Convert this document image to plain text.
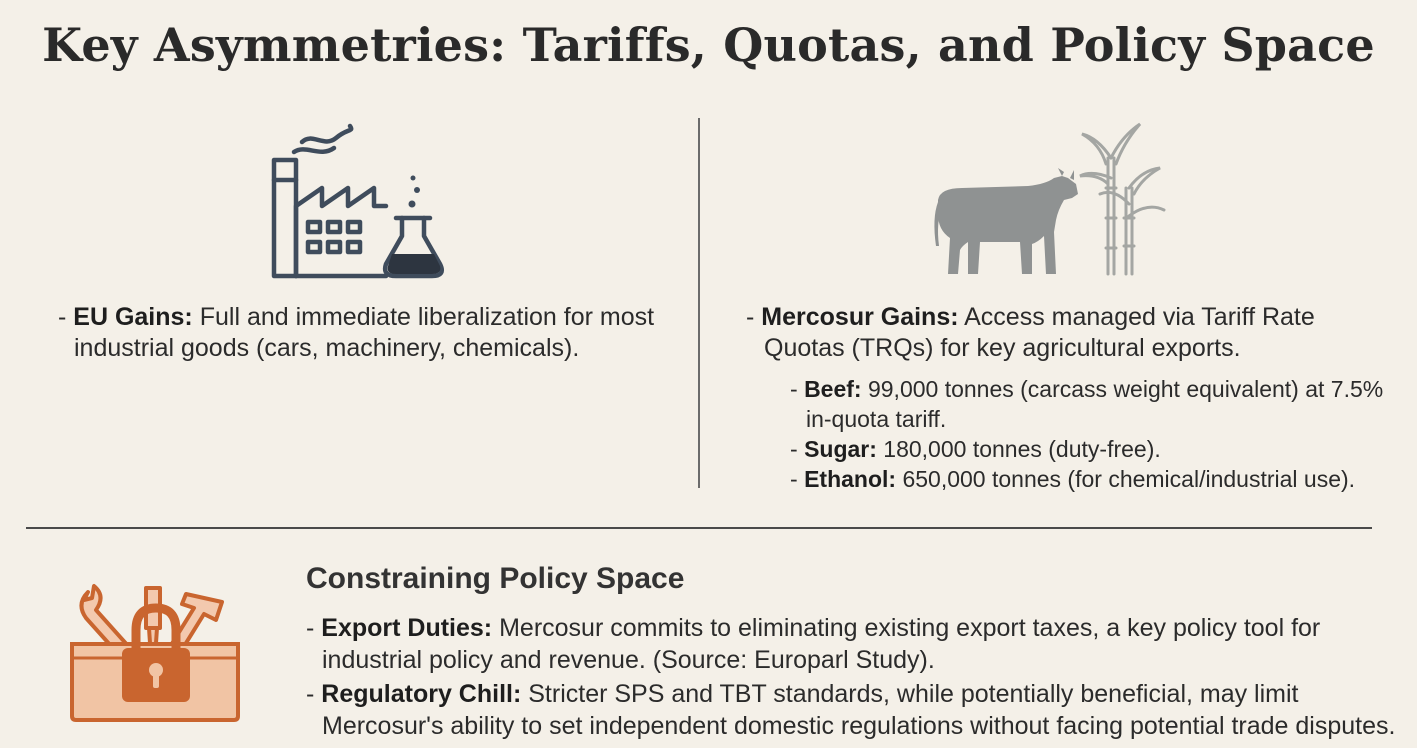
Key Asymmetries: Tariffs, Quotas, and Policy Space
- EU Gains: Full and immediate liberalization for most industrial goods (cars, machinery, chemicals).
- Mercosur Gains: Access managed via Tariff Rate Quotas (TRQs) for key agricultural exports.
- Beef: 99,000 tonnes (carcass weight equivalent) at 7.5% in-quota tariff.
- Sugar: 180,000 tonnes (duty-free).
- Ethanol: 650,000 tonnes (for chemical/industrial use).
Constraining Policy Space
- Export Duties: Mercosur commits to eliminating existing export taxes, a key policy tool for industrial policy and revenue. (Source: Europarl Study).
- Regulatory Chill: Stricter SPS and TBT standards, while potentially beneficial, may limit Mercosur's ability to set independent domestic regulations without facing potential trade disputes.
